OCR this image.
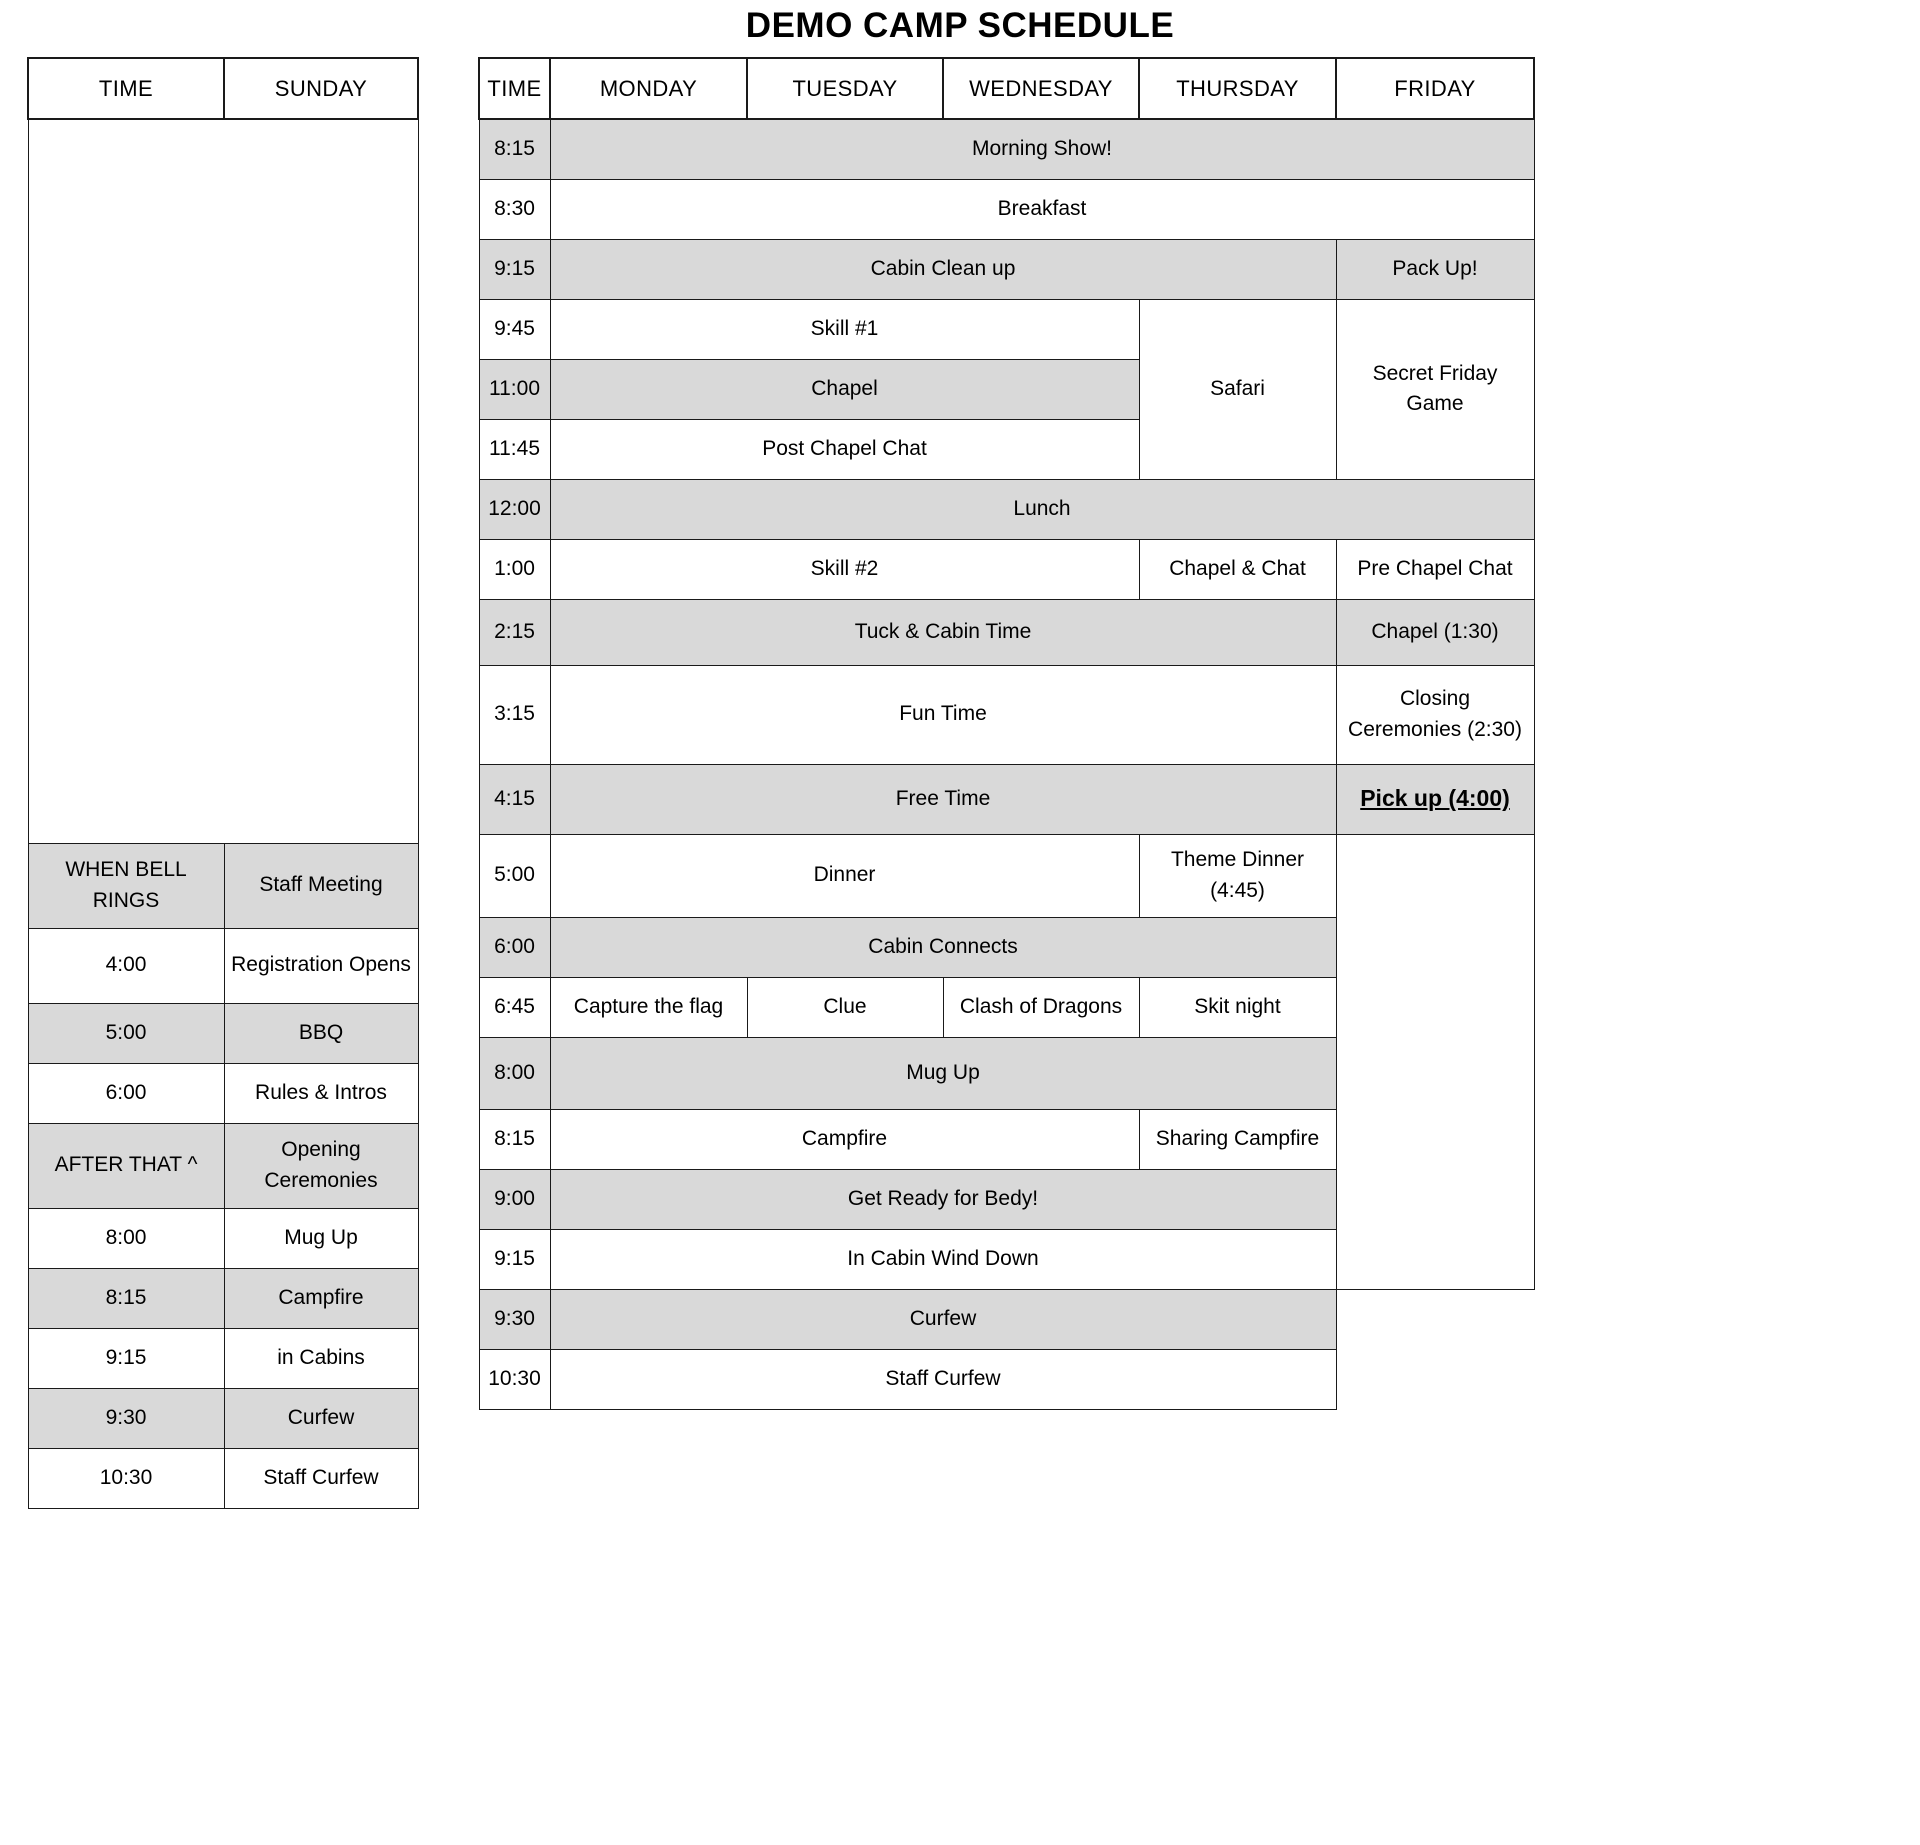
DEMO CAMP SCHEDULE
TIME	SUNDAY

WHEN BELL RINGS	Staff Meeting
4:00	Registration Opens
5:00	BBQ
6:00	Rules & Intros
AFTER THAT ^	Opening Ceremonies
8:00	Mug Up
8:15	Campfire
9:15	in Cabins
9:30	Curfew
10:30	Staff Curfew
TIME	MONDAY	TUESDAY	WEDNESDAY	THURSDAY	FRIDAY
8:15	Morning Show!				
8:30	Breakfast				
9:15	Cabin Clean up				Pack Up!
9:45	Skill #1			Safari	Secret Friday Game
11:00	Chapel				
11:45	Post Chapel Chat				
12:00	Lunch				
1:00	Skill #2			Chapel & Chat	Pre Chapel Chat
2:15	Tuck & Cabin Time				Chapel (1:30)
3:15	Fun Time				Closing Ceremonies (2:30)
4:15	Free Time				Pick up (4:00)
5:00	Dinner			Theme Dinner (4:45)	
6:00	Cabin Connects				
6:45	Capture the flag	Clue	Clash of Dragons	Skit night	
8:00	Mug Up				
8:15	Campfire			Sharing Campfire	
9:00	Get Ready for Bedy!				
9:15	In Cabin Wind Down				
9:30	Curfew				
10:30	Staff Curfew				
